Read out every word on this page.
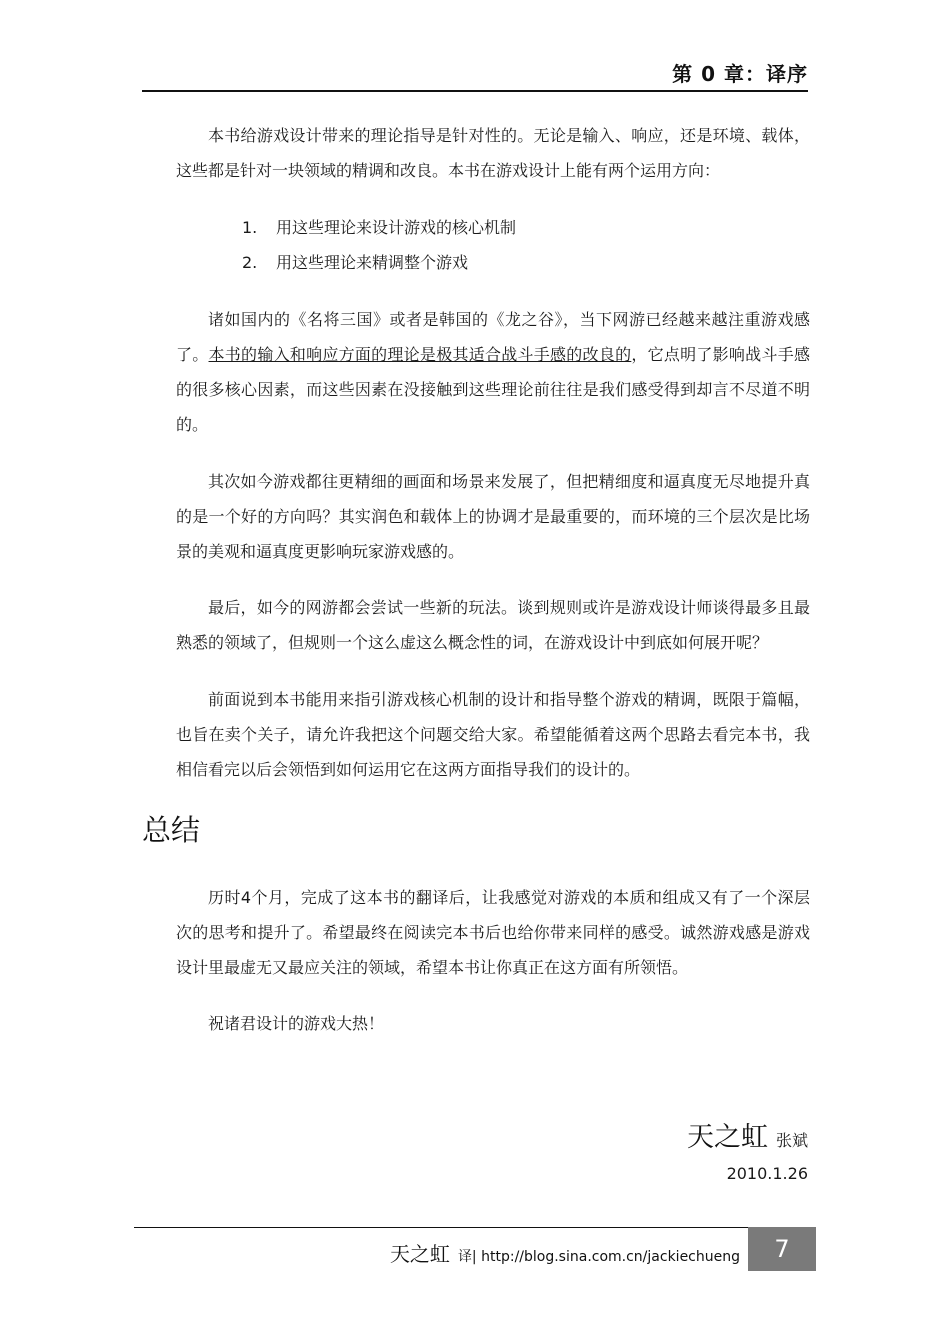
第 0 章：译序

本书给游戏设计带来的理论指导是针对性的。无论是输入、响应，还是环境、载体，这些都是针对一块领域的精调和改良。本书在游戏设计上能有两个运用方向：

1. 用这些理论来设计游戏的核心机制
2. 用这些理论来精调整个游戏

诸如国内的《名将三国》或者是韩国的《龙之谷》，当下网游已经越来越注重游戏感了。本书的输入和响应方面的理论是极其适合战斗手感的改良的，它点明了影响战斗手感的很多核心因素，而这些因素在没接触到这些理论前往往是我们感受得到却言不尽道不明的。

其次如今游戏都往更精细的画面和场景来发展了，但把精细度和逼真度无尽地提升真的是一个好的方向吗？其实润色和载体上的协调才是最重要的，而环境的三个层次是比场景的美观和逼真度更影响玩家游戏感的。

最后，如今的网游都会尝试一些新的玩法。谈到规则或许是游戏设计师谈得最多且最熟悉的领域了，但规则一个这么虚这么概念性的词，在游戏设计中到底如何展开呢？

前面说到本书能用来指引游戏核心机制的设计和指导整个游戏的精调，既限于篇幅，也旨在卖个关子，请允许我把这个问题交给大家。希望能循着这两个思路去看完本书，我相信看完以后会领悟到如何运用它在这两方面指导我们的设计的。

总结

历时4个月，完成了这本书的翻译后，让我感觉对游戏的本质和组成又有了一个深层次的思考和提升了。希望最终在阅读完本书后也给你带来同样的感受。诚然游戏感是游戏设计里最虚无又最应关注的领域，希望本书让你真正在这方面有所领悟。

祝诸君设计的游戏大热！

天之虹 张斌
2010.1.26
天之虹 译| http://blog.sina.com.cn/jackiechueng	7
